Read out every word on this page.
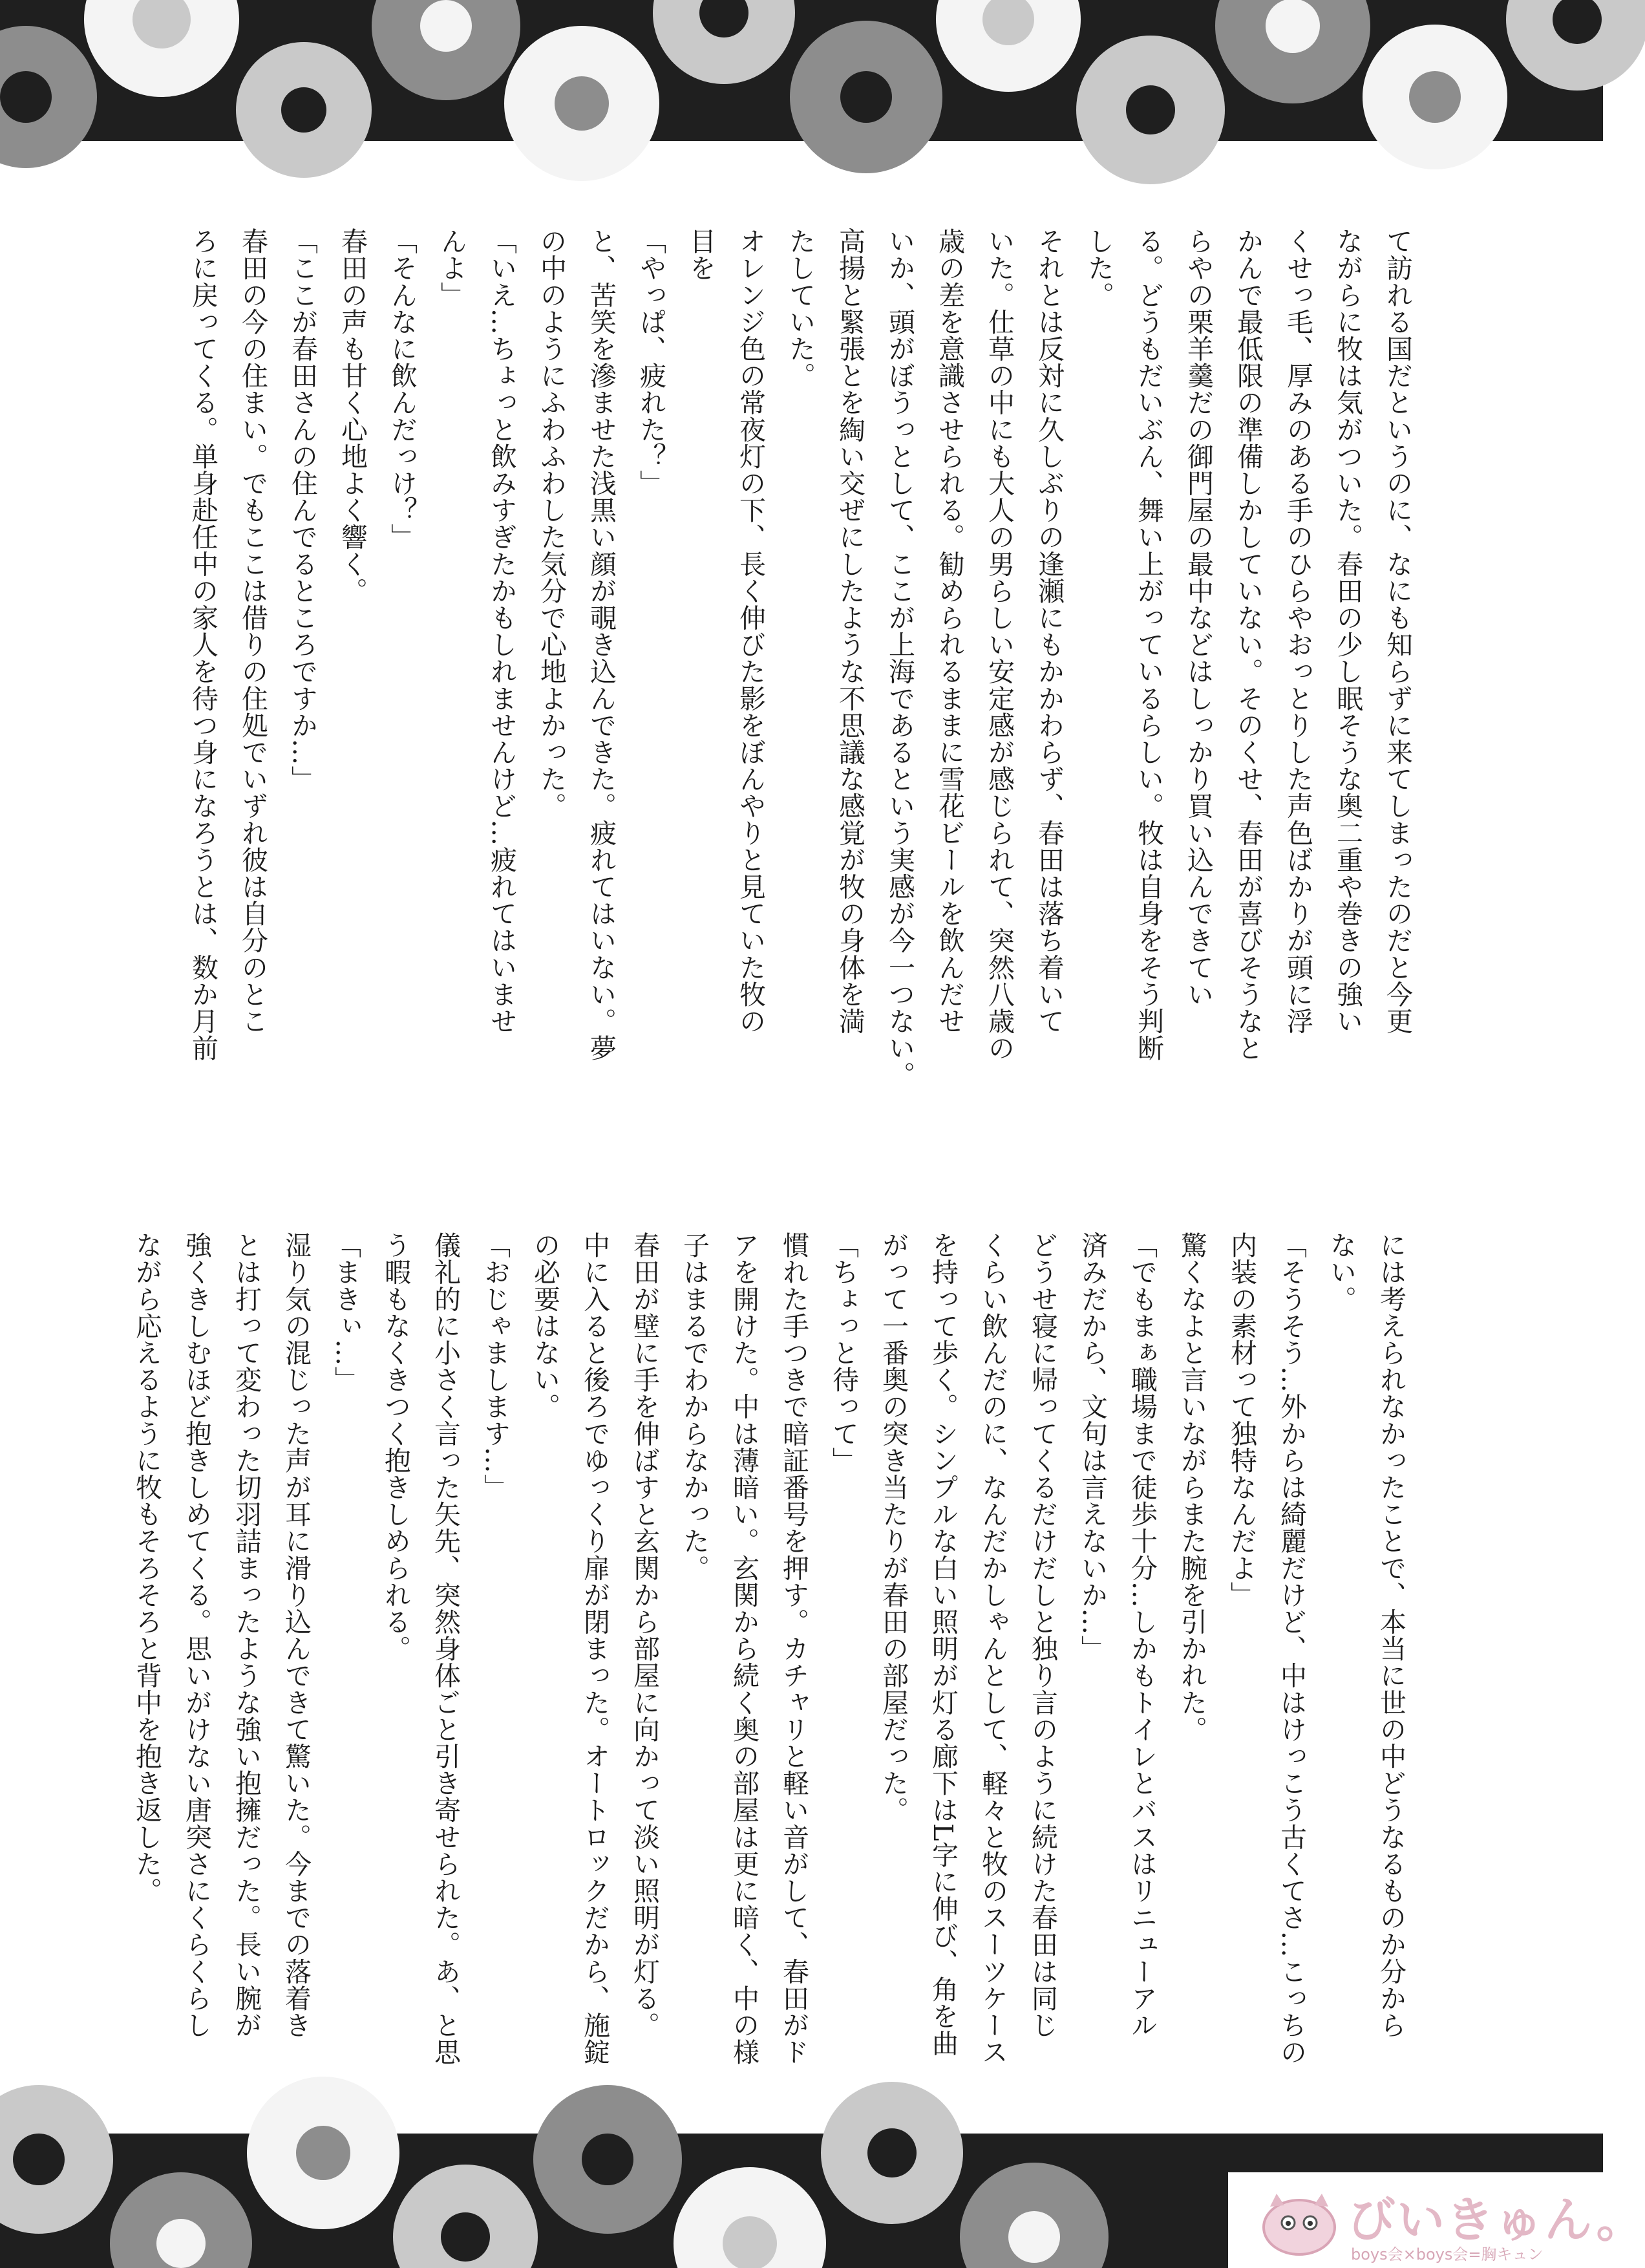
て訪れる国だというのに、なにも知らずに来てしまったのだと今更
ながらに牧は気がついた。春田の少し眠そうな奥二重や巻きの強い
くせっ毛、厚みのある手のひらやおっとりした声色ばかりが頭に浮
かんで最低限の準備しかしていない。そのくせ、春田が喜びそうなと
らやの栗羊羹だの御門屋の最中などはしっかり買い込んできてい
る。どうもだいぶん、舞い上がっているらしい。牧は自身をそう判断
した。
それとは反対に久しぶりの逢瀬にもかかわらず、春田は落ち着いて
いた。仕草の中にも大人の男らしい安定感が感じられて、突然八歳の
歳の差を意識させられる。勧められるままに雪花ビールを飲んだせ
いか、頭がぼうっとして、ここが上海であるという実感が今一つない。
高揚と緊張とを綯い交ぜにしたような不思議な感覚が牧の身体を満
たしていた。
オレンジ色の常夜灯の下、長く伸びた影をぼんやりと見ていた牧の
目を
「やっぱ、疲れた？」
と、苦笑を滲ませた浅黒い顔が覗き込んできた。疲れてはいない。夢
の中のようにふわふわした気分で心地よかった。
「いえ…ちょっと飲みすぎたかもしれませんけど…疲れてはいませ
んよ」
「そんなに飲んだっけ？」
春田の声も甘く心地よく響く。
「ここが春田さんの住んでるところですか…」
春田の今の住まい。でもここは借りの住処でいずれ彼は自分のとこ
ろに戻ってくる。単身赴任中の家人を待つ身になろうとは、数か月前
には考えられなかったことで、本当に世の中どうなるものか分から
ない。
「そうそう…外からは綺麗だけど、中はけっこう古くてさ…こっちの
内装の素材って独特なんだよ」
驚くなよと言いながらまた腕を引かれた。
「でもまぁ職場まで徒歩十分…しかもトイレとバスはリニューアル
済みだから、文句は言えないか…」
どうせ寝に帰ってくるだけだしと独り言のように続けた春田は同じ
くらい飲んだのに、なんだかしゃんとして、軽々と牧のスーツケース
を持って歩く。シンプルな白い照明が灯る廊下はL字に伸び、角を曲
がって一番奥の突き当たりが春田の部屋だった。
「ちょっと待って」
慣れた手つきで暗証番号を押す。カチャリと軽い音がして、春田がド
アを開けた。中は薄暗い。玄関から続く奥の部屋は更に暗く、中の様
子はまるでわからなかった。
春田が壁に手を伸ばすと玄関から部屋に向かって淡い照明が灯る。
中に入ると後ろでゆっくり扉が閉まった。オートロックだから、施錠
の必要はない。
「おじゃまします…」
儀礼的に小さく言った矢先、突然身体ごと引き寄せられた。あ、と思
う暇もなくきつく抱きしめられる。
「まきぃ…」
湿り気の混じった声が耳に滑り込んできて驚いた。今までの落着き
とは打って変わった切羽詰まったような強い抱擁だった。長い腕が
強くきしむほど抱きしめてくる。思いがけない唐突さにくらくらし
ながら応えるように牧もそろそろと背中を抱き返した。
びいきゅん。
boys会×boys会=胸キュン
